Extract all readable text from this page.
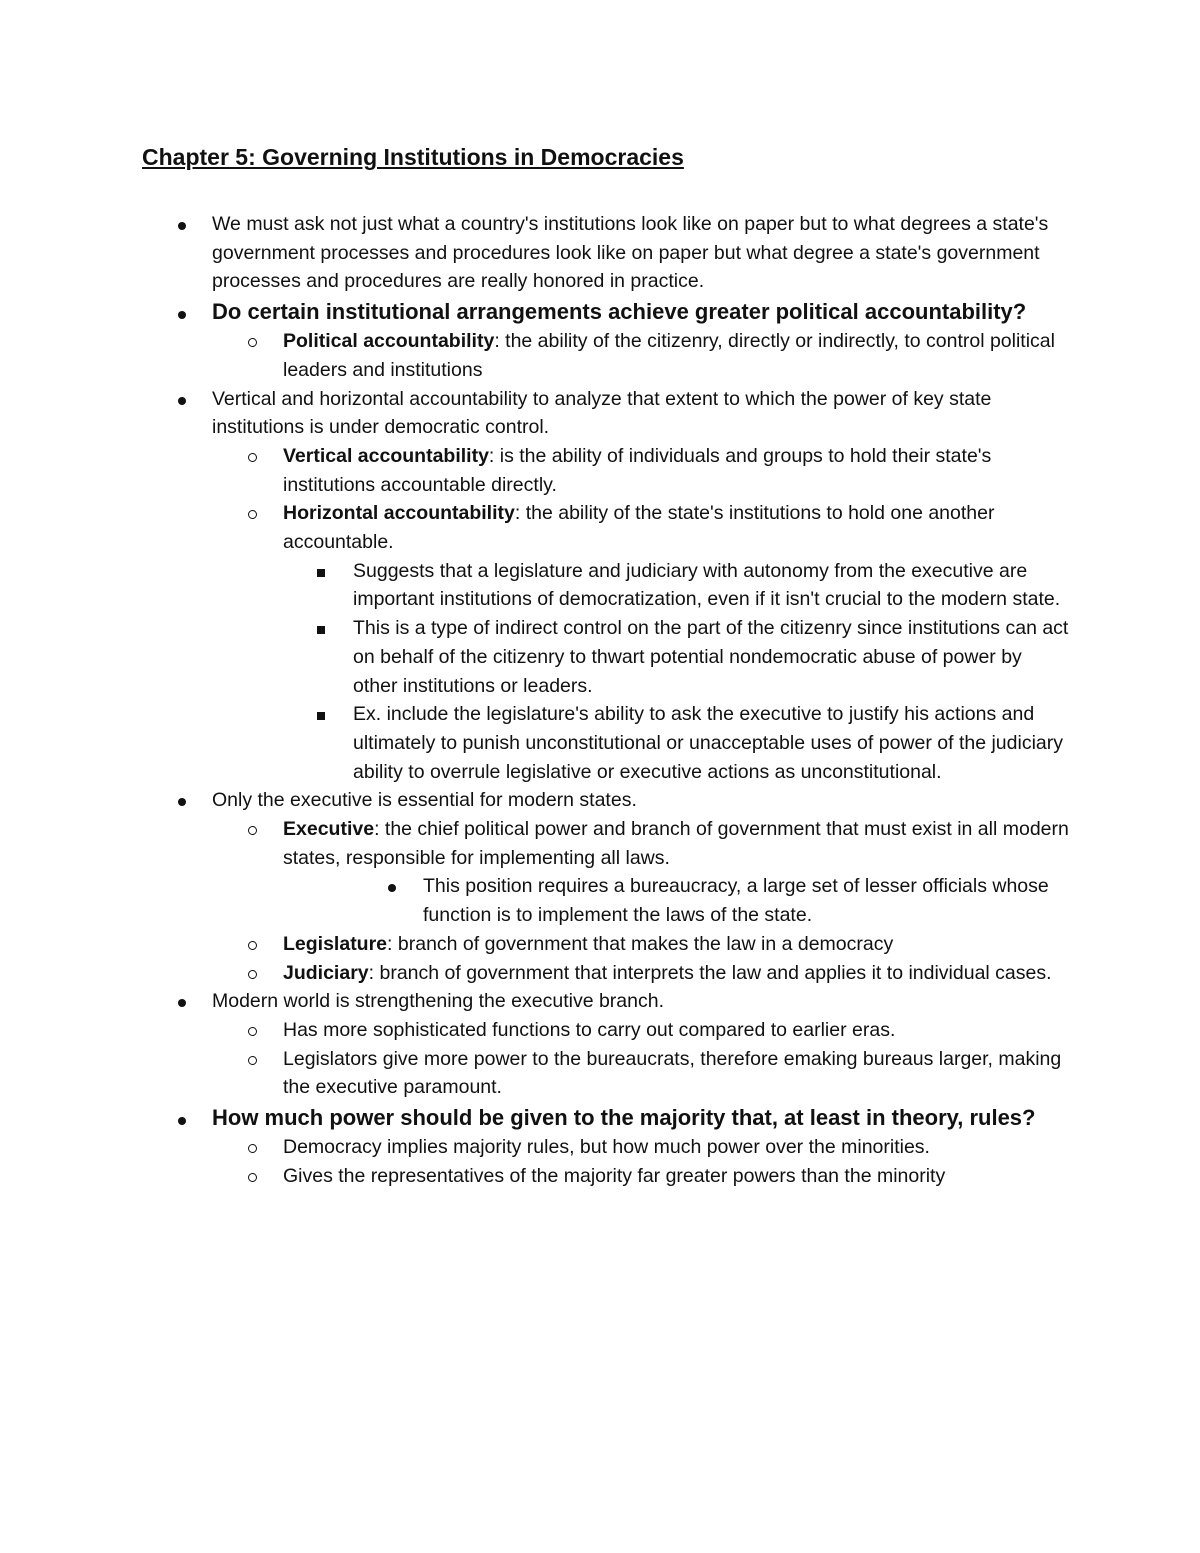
Chapter 5: Governing Institutions in Democracies
We must ask not just what a country's institutions look like on paper but to what degrees a state's government processes and procedures look like on paper but what degree a state's government processes and procedures are really honored in practice.
Do certain institutional arrangements achieve greater political accountability?
Political accountability: the ability of the citizenry, directly or indirectly, to control political leaders and institutions
Vertical and horizontal accountability to analyze that extent to which the power of key state institutions is under democratic control.
Vertical accountability: is the ability of individuals and groups to hold their state's institutions accountable directly.
Horizontal accountability: the ability of the state's institutions to hold one another accountable.
Suggests that a legislature and judiciary with autonomy from the executive are important institutions of democratization, even if it isn't crucial to the modern state.
This is a type of indirect control on the part of the citizenry since institutions can act on behalf of the citizenry to thwart potential nondemocratic abuse of power by other institutions or leaders.
Ex. include the legislature's ability to ask the executive to justify his actions and ultimately to punish unconstitutional or unacceptable uses of power of the judiciary ability to overrule legislative or executive actions as unconstitutional.
Only the executive is essential for modern states.
Executive: the chief political power and branch of government that must exist in all modern states, responsible for implementing all laws.
This position requires a bureaucracy, a large set of lesser officials whose function is to implement the laws of the state.
Legislature: branch of government that makes the law in a democracy
Judiciary: branch of government that interprets the law and applies it to individual cases.
Modern world is strengthening the executive branch.
Has more sophisticated functions to carry out compared to earlier eras.
Legislators give more power to the bureaucrats, therefore emaking bureaus larger, making the executive paramount.
How much power should be given to the majority that, at least in theory, rules?
Democracy implies majority rules, but how much power over the minorities.
Gives the representatives of the majority far greater powers than the minority
